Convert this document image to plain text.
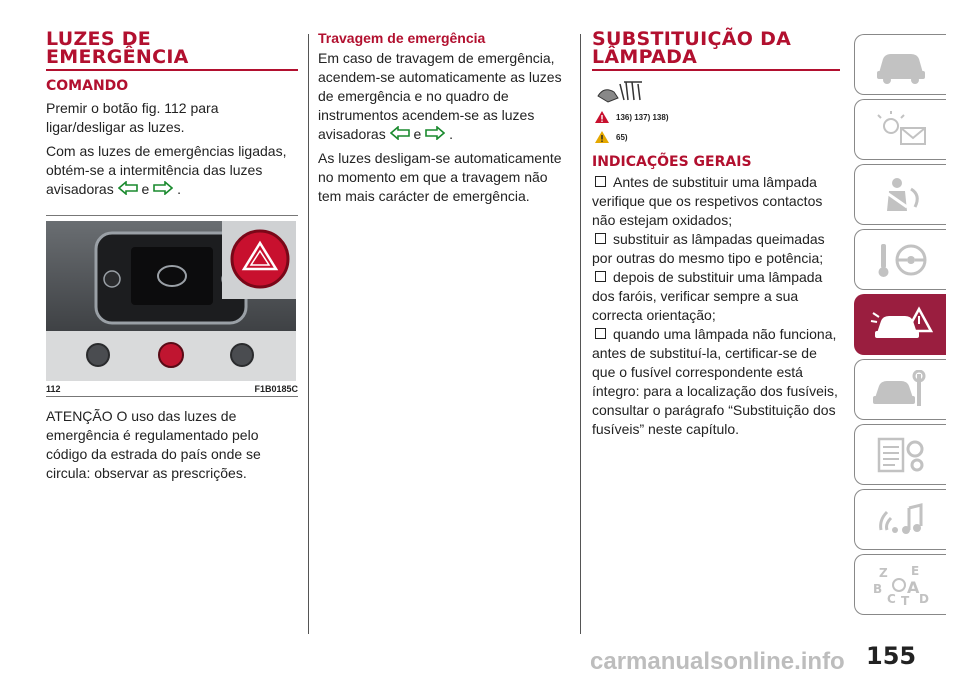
LUZES DE
EMERGÊNCIA
COMANDO

Premir o botão fig. 112 para ligar/desligar as luzes.

Com as luzes de emergências ligadas, obtém-se a intermitência das luzes avisadoras e .

112	F1B0185C

ATENÇÃO O uso das luzes de emergência é regulamentado pelo código da estrada do país onde se circula: observar as prescrições.

Travagem de emergência

Em caso de travagem de emergência, acendem-se automaticamente as luzes de emergência e no quadro de instrumentos acendem-se as luzes avisadoras e .

As luzes desligam-se automaticamente no momento em que a travagem não tem mais carácter de emergência.

SUBSTITUIÇÃO DA
LÂMPADA
136) 137) 138)
65)
INDICAÇÕES GERAIS
Antes de substituir uma lâmpada verifique que os respetivos contactos não estejam oxidados;
substituir as lâmpadas queimadas por outras do mesmo tipo e potência;
depois de substituir uma lâmpada dos faróis, verificar sempre a sua correcta orientação;
quando uma lâmpada não funciona, antes de substituí-la, certificar-se de que o fusível correspondente está íntegro: para a localização dos fusíveis, consultar o parágrafo “Substituição dos fusíveis” neste capítulo.
Z E
B A
C T D
155
carmanualsonline.info
